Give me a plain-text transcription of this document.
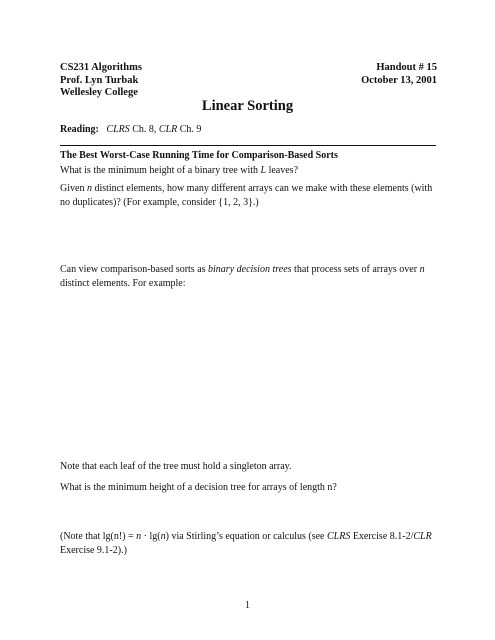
CS231 Algorithms
Prof. Lyn Turbak
Wellesley College
Handout # 15
October 13, 2001
Linear Sorting
Reading: CLRS Ch. 8, CLR Ch. 9
The Best Worst-Case Running Time for Comparison-Based Sorts
What is the minimum height of a binary tree with L leaves?
Given n distinct elements, how many different arrays can we make with these elements (with no duplicates)? (For example, consider {1, 2, 3}.)
Can view comparison-based sorts as binary decision trees that process sets of arrays over n distinct elements. For example:
Note that each leaf of the tree must hold a singleton array.
What is the minimum height of a decision tree for arrays of length n?
(Note that lg(n!) = n · lg(n) via Stirling’s equation or calculus (see CLRS Exercise 8.1-2/CLR Exercise 9.1-2).)
1
